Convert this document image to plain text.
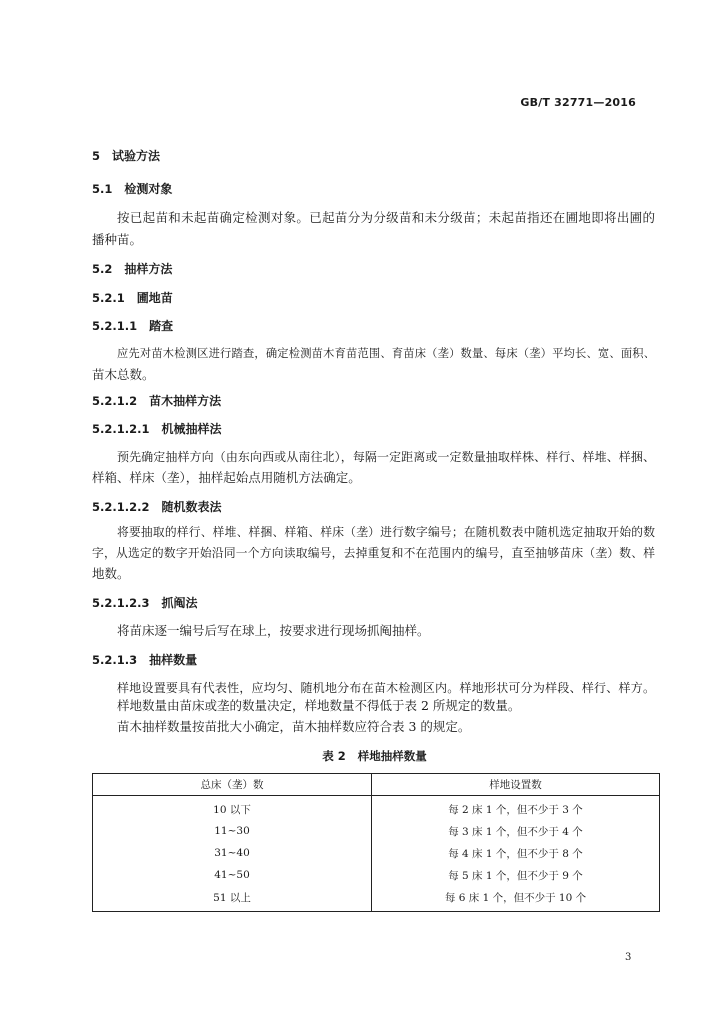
GB/T 32771—2016
5 试验方法
5.1 检测对象
按已起苗和未起苗确定检测对象。已起苗分为分级苗和未分级苗；未起苗指还在圃地即将出圃的
播种苗。
5.2 抽样方法
5.2.1 圃地苗
5.2.1.1 踏查
应先对苗木检测区进行踏查，确定检测苗木育苗范围、育苗床（垄）数量、每床（垄）平均长、宽、面积、
苗木总数。
5.2.1.2 苗木抽样方法
5.2.1.2.1 机械抽样法
预先确定抽样方向（由东向西或从南往北），每隔一定距离或一定数量抽取样株、样行、样堆、样捆、
样箱、样床（垄），抽样起始点用随机方法确定。
5.2.1.2.2 随机数表法
将要抽取的样行、样堆、样捆、样箱、样床（垄）进行数字编号；在随机数表中随机选定抽取开始的数
字，从选定的数字开始沿同一个方向读取编号，去掉重复和不在范围内的编号，直至抽够苗床（垄）数、样
地数。
5.2.1.2.3 抓阄法
将苗床逐一编号后写在球上，按要求进行现场抓阄抽样。
5.2.1.3 抽样数量
样地设置要具有代表性，应均匀、随机地分布在苗木检测区内。样地形状可分为样段、样行、样方。
样地数量由苗床或垄的数量决定，样地数量不得低于表 2 所规定的数量。
苗木抽样数量按苗批大小确定，苗木抽样数应符合表 3 的规定。
表 2 样地抽样数量
总床（垄）数	样地设置数
10 以下	每 2 床 1 个，但不少于 3 个
11~30	每 3 床 1 个，但不少于 4 个
31~40	每 4 床 1 个，但不少于 8 个
41~50	每 5 床 1 个，但不少于 9 个
51 以上	每 6 床 1 个，但不少于 10 个
3
